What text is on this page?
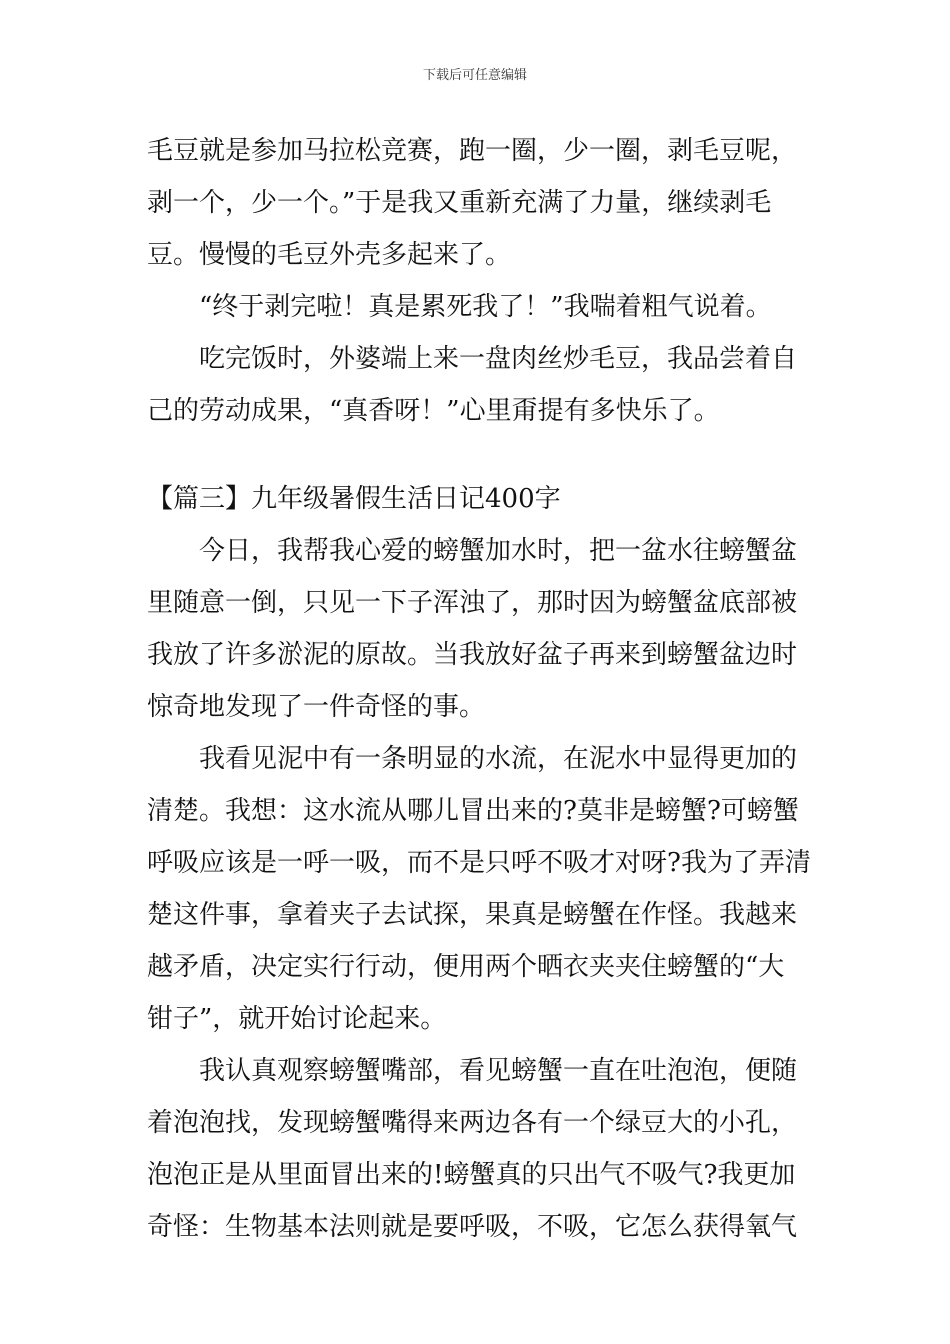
下载后可任意编辑
毛豆就是参加马拉松竞赛，跑一圈，少一圈，剥毛豆呢，
剥一个，少一个。”于是我又重新充满了力量，继续剥毛
豆。慢慢的毛豆外壳多起来了。
“终于剥完啦！真是累死我了！”我喘着粗气说着。
吃完饭时，外婆端上来一盘肉丝炒毛豆，我品尝着自
己的劳动成果，“真香呀！”心里甭提有多快乐了。
【篇三】九年级暑假生活日记400字
今日，我帮我心爱的螃蟹加水时，把一盆水往螃蟹盆
里随意一倒，只见一下子浑浊了，那时因为螃蟹盆底部被
我放了许多淤泥的原故。当我放好盆子再来到螃蟹盆边时
惊奇地发现了一件奇怪的事。
我看见泥中有一条明显的水流，在泥水中显得更加的
清楚。我想：这水流从哪儿冒出来的?莫非是螃蟹?可螃蟹
呼吸应该是一呼一吸，而不是只呼不吸才对呀?我为了弄清
楚这件事，拿着夹子去试探，果真是螃蟹在作怪。我越来
越矛盾，决定实行行动，便用两个晒衣夹夹住螃蟹的“大
钳子”，就开始讨论起来。
我认真观察螃蟹嘴部，看见螃蟹一直在吐泡泡，便随
着泡泡找，发现螃蟹嘴得来两边各有一个绿豆大的小孔，
泡泡正是从里面冒出来的!螃蟹真的只出气不吸气?我更加
奇怪：生物基本法则就是要呼吸，不吸，它怎么获得氧气
